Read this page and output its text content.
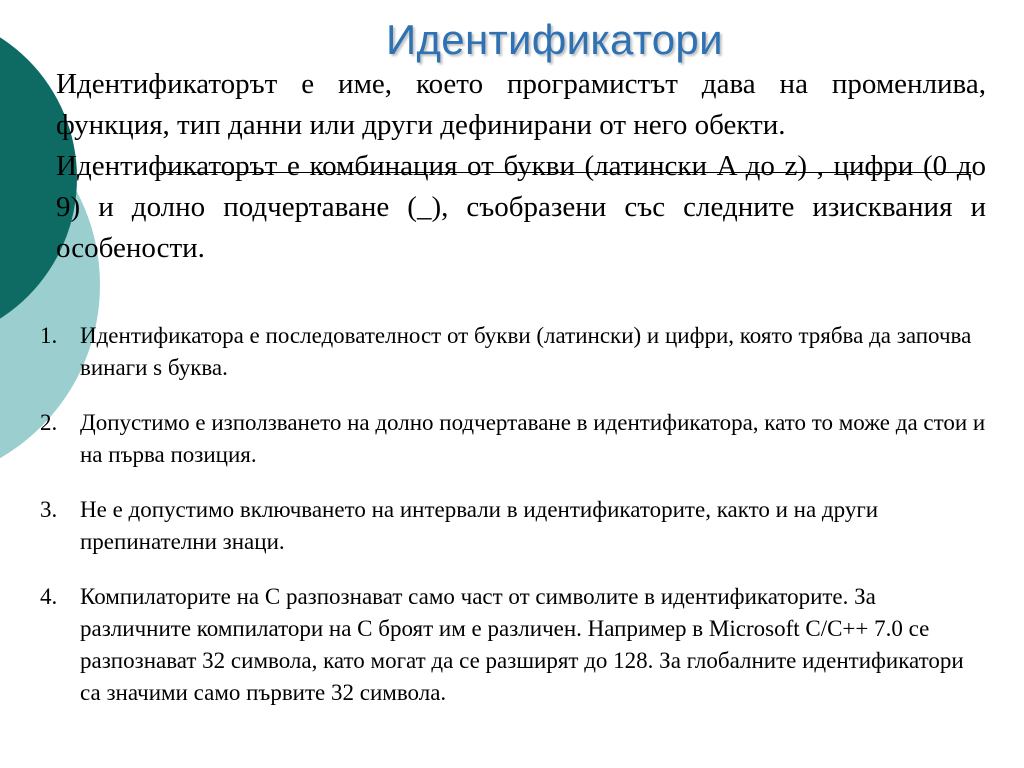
Идентификатори

Идентификаторът е име, което програмистът дава на променлива, функция, тип данни или други дефинирани от него обекти.

Идентификаторът е комбинация от букви (латински A до z) , цифри (0 до 9) и долно подчертаване (_), съобразени със следните изисквания и особености.

1. Идентификатора е последователност от букви (латински) и цифри, която трябва да започва винаги s буква.
2. Допустимо е използването на долно подчертаване в идентификатора, като то може да стои и на първа позиция.
3. Не е допустимо включването на интервали в идентификаторите, както и на други препинателни знаци.
4. Компилаторите на C разпознават само част от символите в идентификаторите. За различните компилатори на C броят им е различен. Например в Microsoft C/C++ 7.0 се разпознават 32 символа, като могат да се разширят до 128. За глобалните идентификатори са значими само първите 32 символа.
